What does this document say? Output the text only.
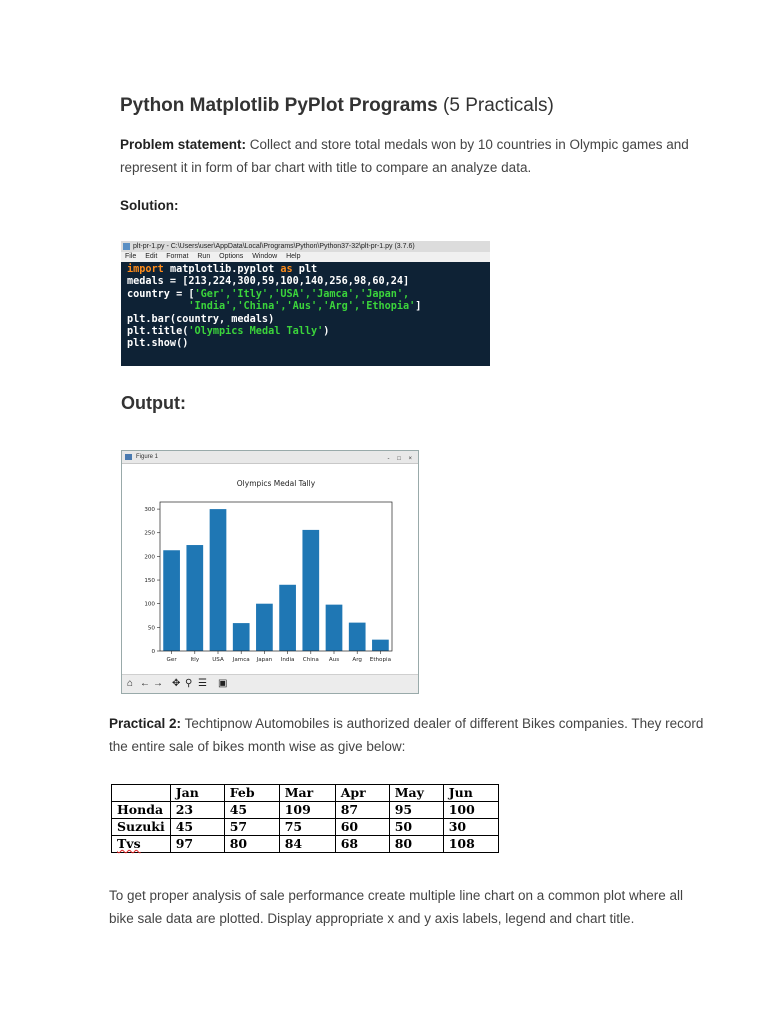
Python Matplotlib PyPlot Programs (5 Practicals)
Problem statement: Collect and store total medals won by 10 countries in Olympic games and represent it in form of bar chart with title to compare an analyze data.
Solution:
plt-pr-1.py - C:\Users\user\AppData\Local\Programs\Python\Python37-32\plt-pr-1.py (3.7.6)
File Edit Format Run Options Window Help
import matplotlib.pyplot as plt
medals = [213,224,300,59,100,140,256,98,60,24]
country = ['Ger','Itly','USA','Jamca','Japan',
'India','China','Aus','Arg','Ethopia']
plt.bar(country, medals)
plt.title('Olympics Medal Tally')
plt.show()
Output:
Figure 1	- □ ×
Olympics Medal Tally
Ger Itly USA Jamca Japan India China Aus Arg Ethopia
0
50
100
150
200
250
300
⌂ ← → ✥ ⚲ ☰ ▣
Practical 2: Techtipnow Automobiles is authorized dealer of different Bikes companies. They record the entire sale of bikes month wise as give below:
	Jan	Feb	Mar	Apr	May	Jun
Honda	23	45	109	87	95	100
Suzuki	45	57	75	60	50	30
Tvs	97	80	84	68	80	108
To get proper analysis of sale performance create multiple line chart on a common plot where all bike sale data are plotted. Display appropriate x and y axis labels, legend and chart title.
